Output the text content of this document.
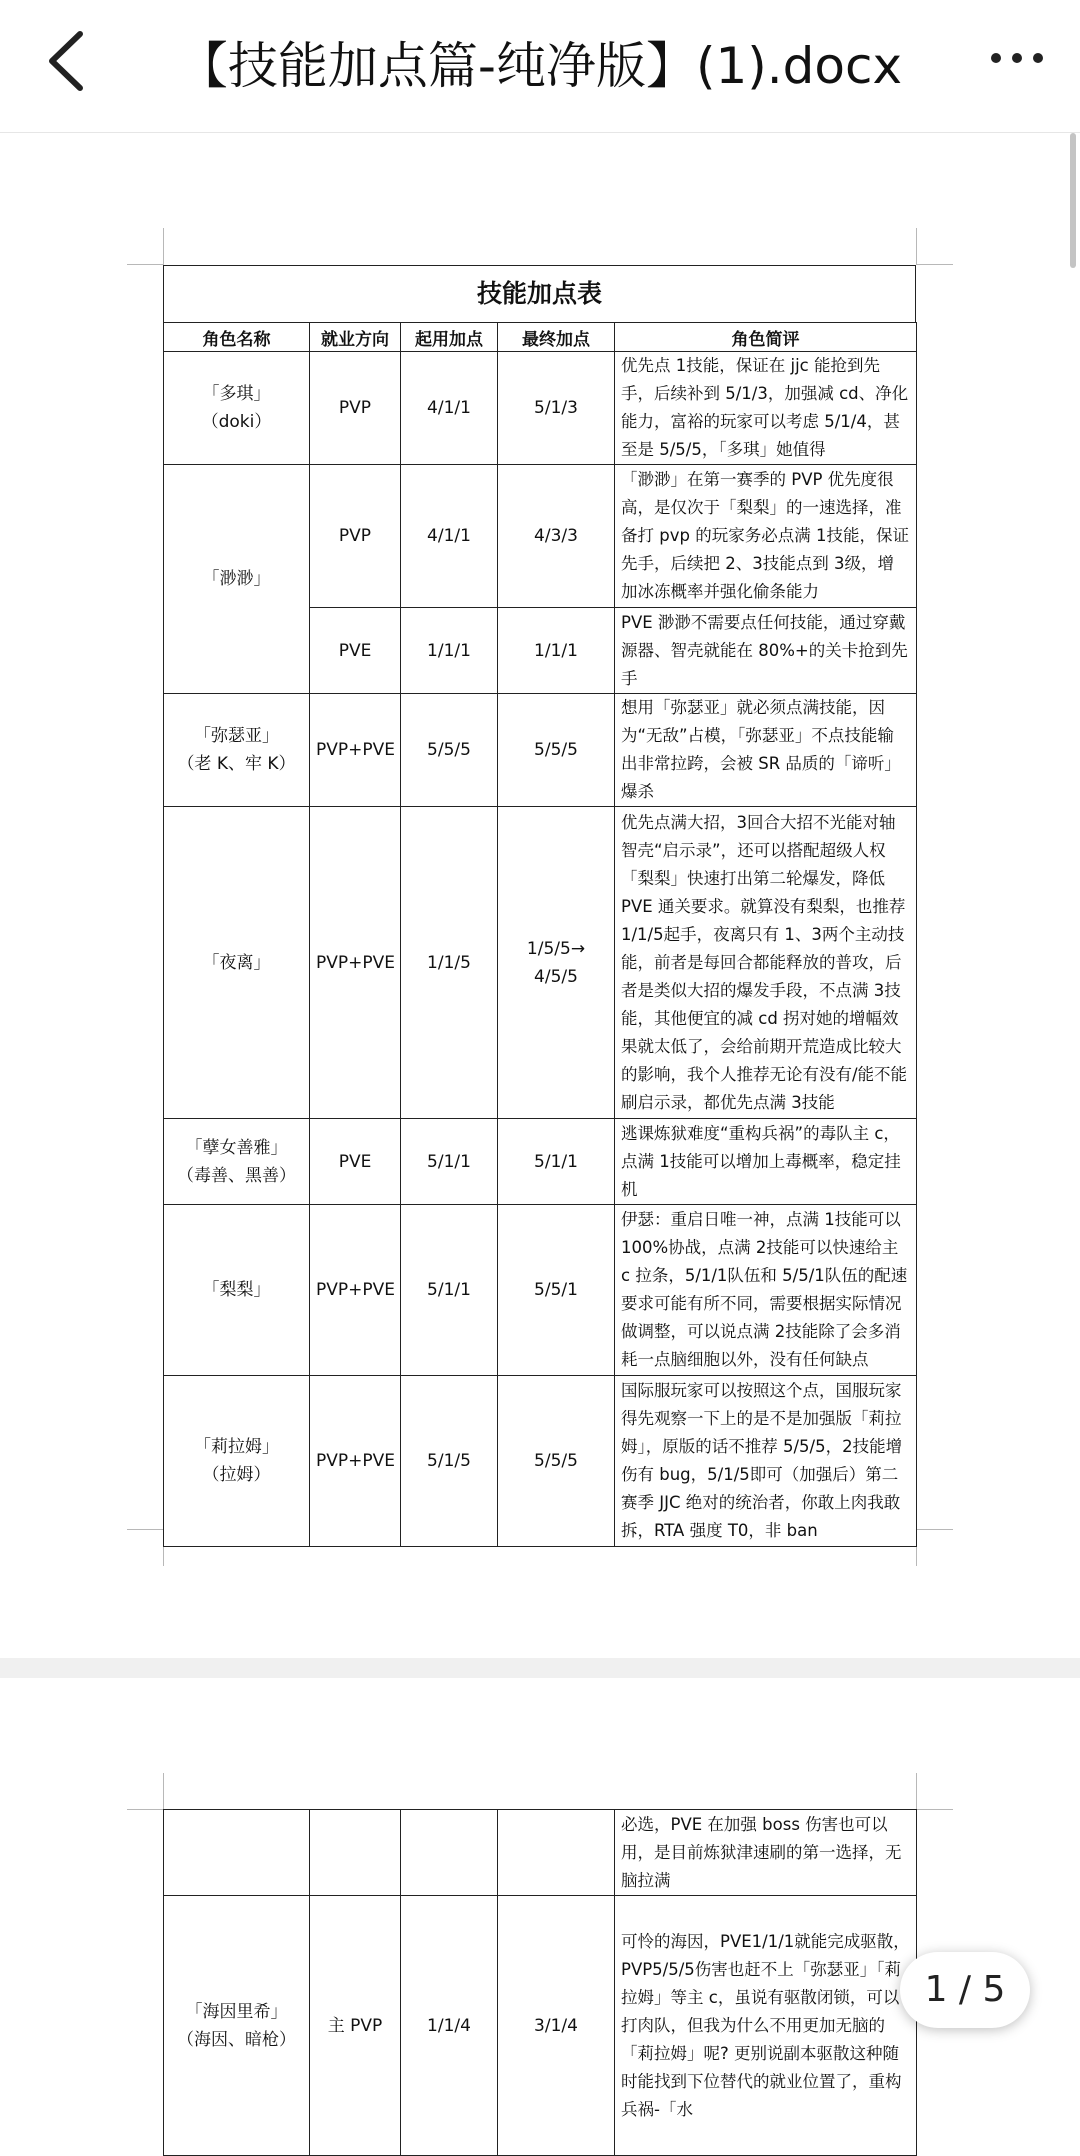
【技能加点篇-纯净版】(1).docx
技能加点表
角色名称	就业方向	起用加点	最终加点	角色简评

「多琪」
（doki）	PVP	4/1/1	5/1/3	优先点 1技能，保证在 jjc 能抢到先手，后续补到 5/1/3，加强减 cd、净化能力，富裕的玩家可以考虑 5/1/4，甚至是 5/5/5，「多琪」她值得

「渺渺」	PVP	4/1/1	4/3/3	「渺渺」在第一赛季的 PVP 优先度很高，是仅次于「梨梨」的一速选择，准备打 pvp 的玩家务必点满 1技能，保证先手，后续把 2、3技能点到 3级，增加冰冻概率并强化偷条能力
	PVE	1/1/1	1/1/1	PVE 渺渺不需要点任何技能，通过穿戴源器、智壳就能在 80%+的关卡抢到先手

「弥瑟亚」
（老 K、牢 K）	PVP+PVE	5/5/5	5/5/5	想用「弥瑟亚」就必须点满技能，因为“无敌”占模，「弥瑟亚」不点技能输出非常拉跨，会被 SR 品质的「谛听」爆杀

「夜离」	PVP+PVE	1/1/5	1/5/5→
4/5/5	优先点满大招，3回合大招不光能对轴智壳“启示录”，还可以搭配超级人权「梨梨」快速打出第二轮爆发，降低 PVE 通关要求。就算没有梨梨，也推荐 1/1/5起手，夜离只有 1、3两个主动技能，前者是每回合都能释放的普攻，后者是类似大招的爆发手段，不点满 3技能，其他便宜的减 cd 拐对她的增幅效果就太低了，会给前期开荒造成比较大的影响，我个人推荐无论有没有/能不能刷启示录，都优先点满 3技能

「孽女善雅」
（毒善、黑善）	PVE	5/1/1	5/1/1	逃课炼狱难度“重构兵祸”的毒队主 c，点满 1技能可以增加上毒概率，稳定挂机

「梨梨」	PVP+PVE	5/1/1	5/5/1	伊瑟：重启日唯一神，点满 1技能可以 100%协战，点满 2技能可以快速给主 c 拉条，5/1/1队伍和 5/5/1队伍的配速要求可能有所不同，需要根据实际情况做调整，可以说点满 2技能除了会多消耗一点脑细胞以外，没有任何缺点

「莉拉姆」
（拉姆）	PVP+PVE	5/1/5	5/5/5	国际服玩家可以按照这个点，国服玩家得先观察一下上的是不是加强版「莉拉姆」，原版的话不推荐 5/5/5，2技能增伤有 bug，5/1/5即可（加强后）第二赛季 JJC 绝对的统治者，你敢上肉我敢拆，RTA 强度 T0，非 ban
				必选，PVE 在加强 boss 伤害也可以用，是目前炼狱津速刷的第一选择，无脑拉满

「海因里希」
（海因、暗枪）	主 PVP	1/1/4	3/1/4	可怜的海因，PVE1/1/1就能完成驱散，PVP5/5/5伤害也赶不上「弥瑟亚」「莉拉姆」等主 c，虽说有驱散闭锁，可以打肉队，但我为什么不用更加无脑的「莉拉姆」呢? 更别说副本驱散这种随时能找到下位替代的就业位置了，重构兵祸-「水
1 / 5
